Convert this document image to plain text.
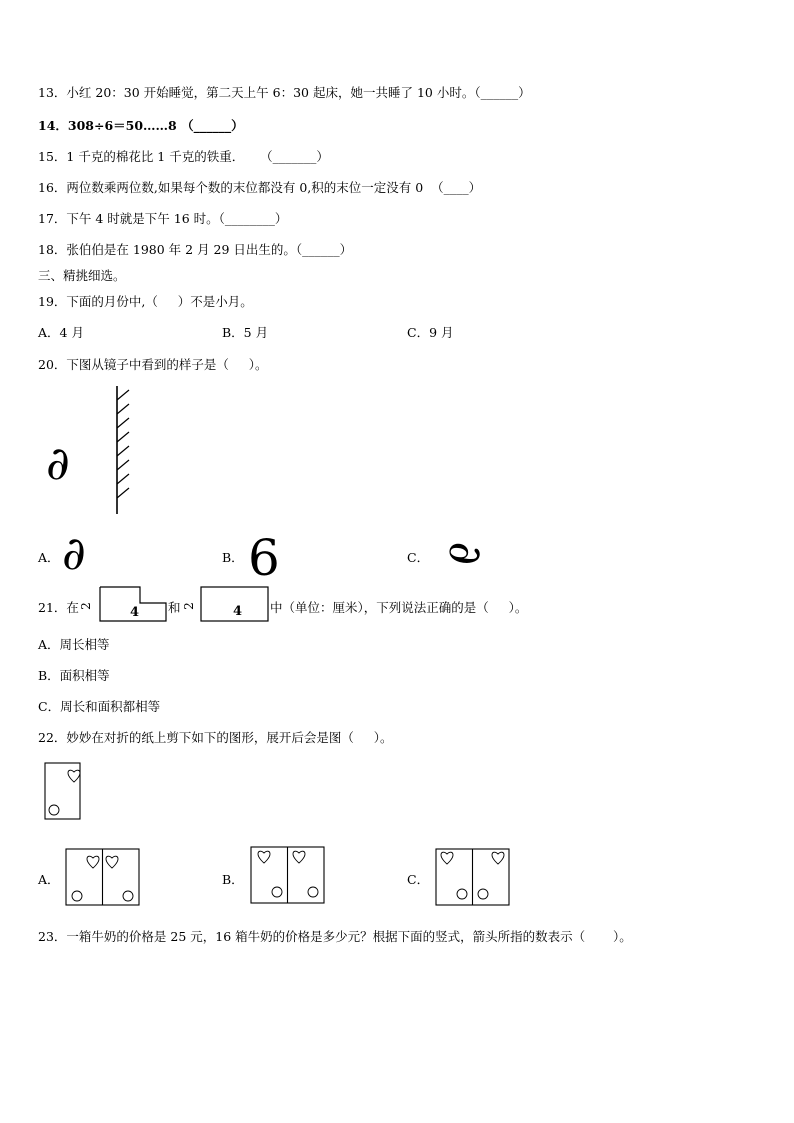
13．小红 20：30 开始睡觉，第二天上午 6：30 起床，她一共睡了 10 小时。（______）
14．308÷6＝50……8 （______）
15．1 千克的棉花比 1 千克的铁重．    （_______）
16．两位数乘两位数,如果每个数的末位都没有 0,积的末位一定没有 0  （____）
17．下午 4 时就是下午 16 时。（________）
18．张伯伯是在 1980 年 2 月 29 日出生的。（______）
三、精挑细选。
19．下面的月份中,（     ）不是小月。
A．4 月	B．5 月	C．9 月
20．下图从镜子中看到的样子是（     ）。
∂
A． ∂	B． 6	C． ∂
21．在 2	4 和 2	4 中（单位：厘米），下列说法正确的是（     ）。
A．周长相等
B．面积相等
C．周长和面积都相等
22．妙妙在对折的纸上剪下如下的图形，展开后会是图（     ）。
A．	B．	C．
23．一箱牛奶的价格是 25 元，16 箱牛奶的价格是多少元？根据下面的竖式，箭头所指的数表示（       ）。
